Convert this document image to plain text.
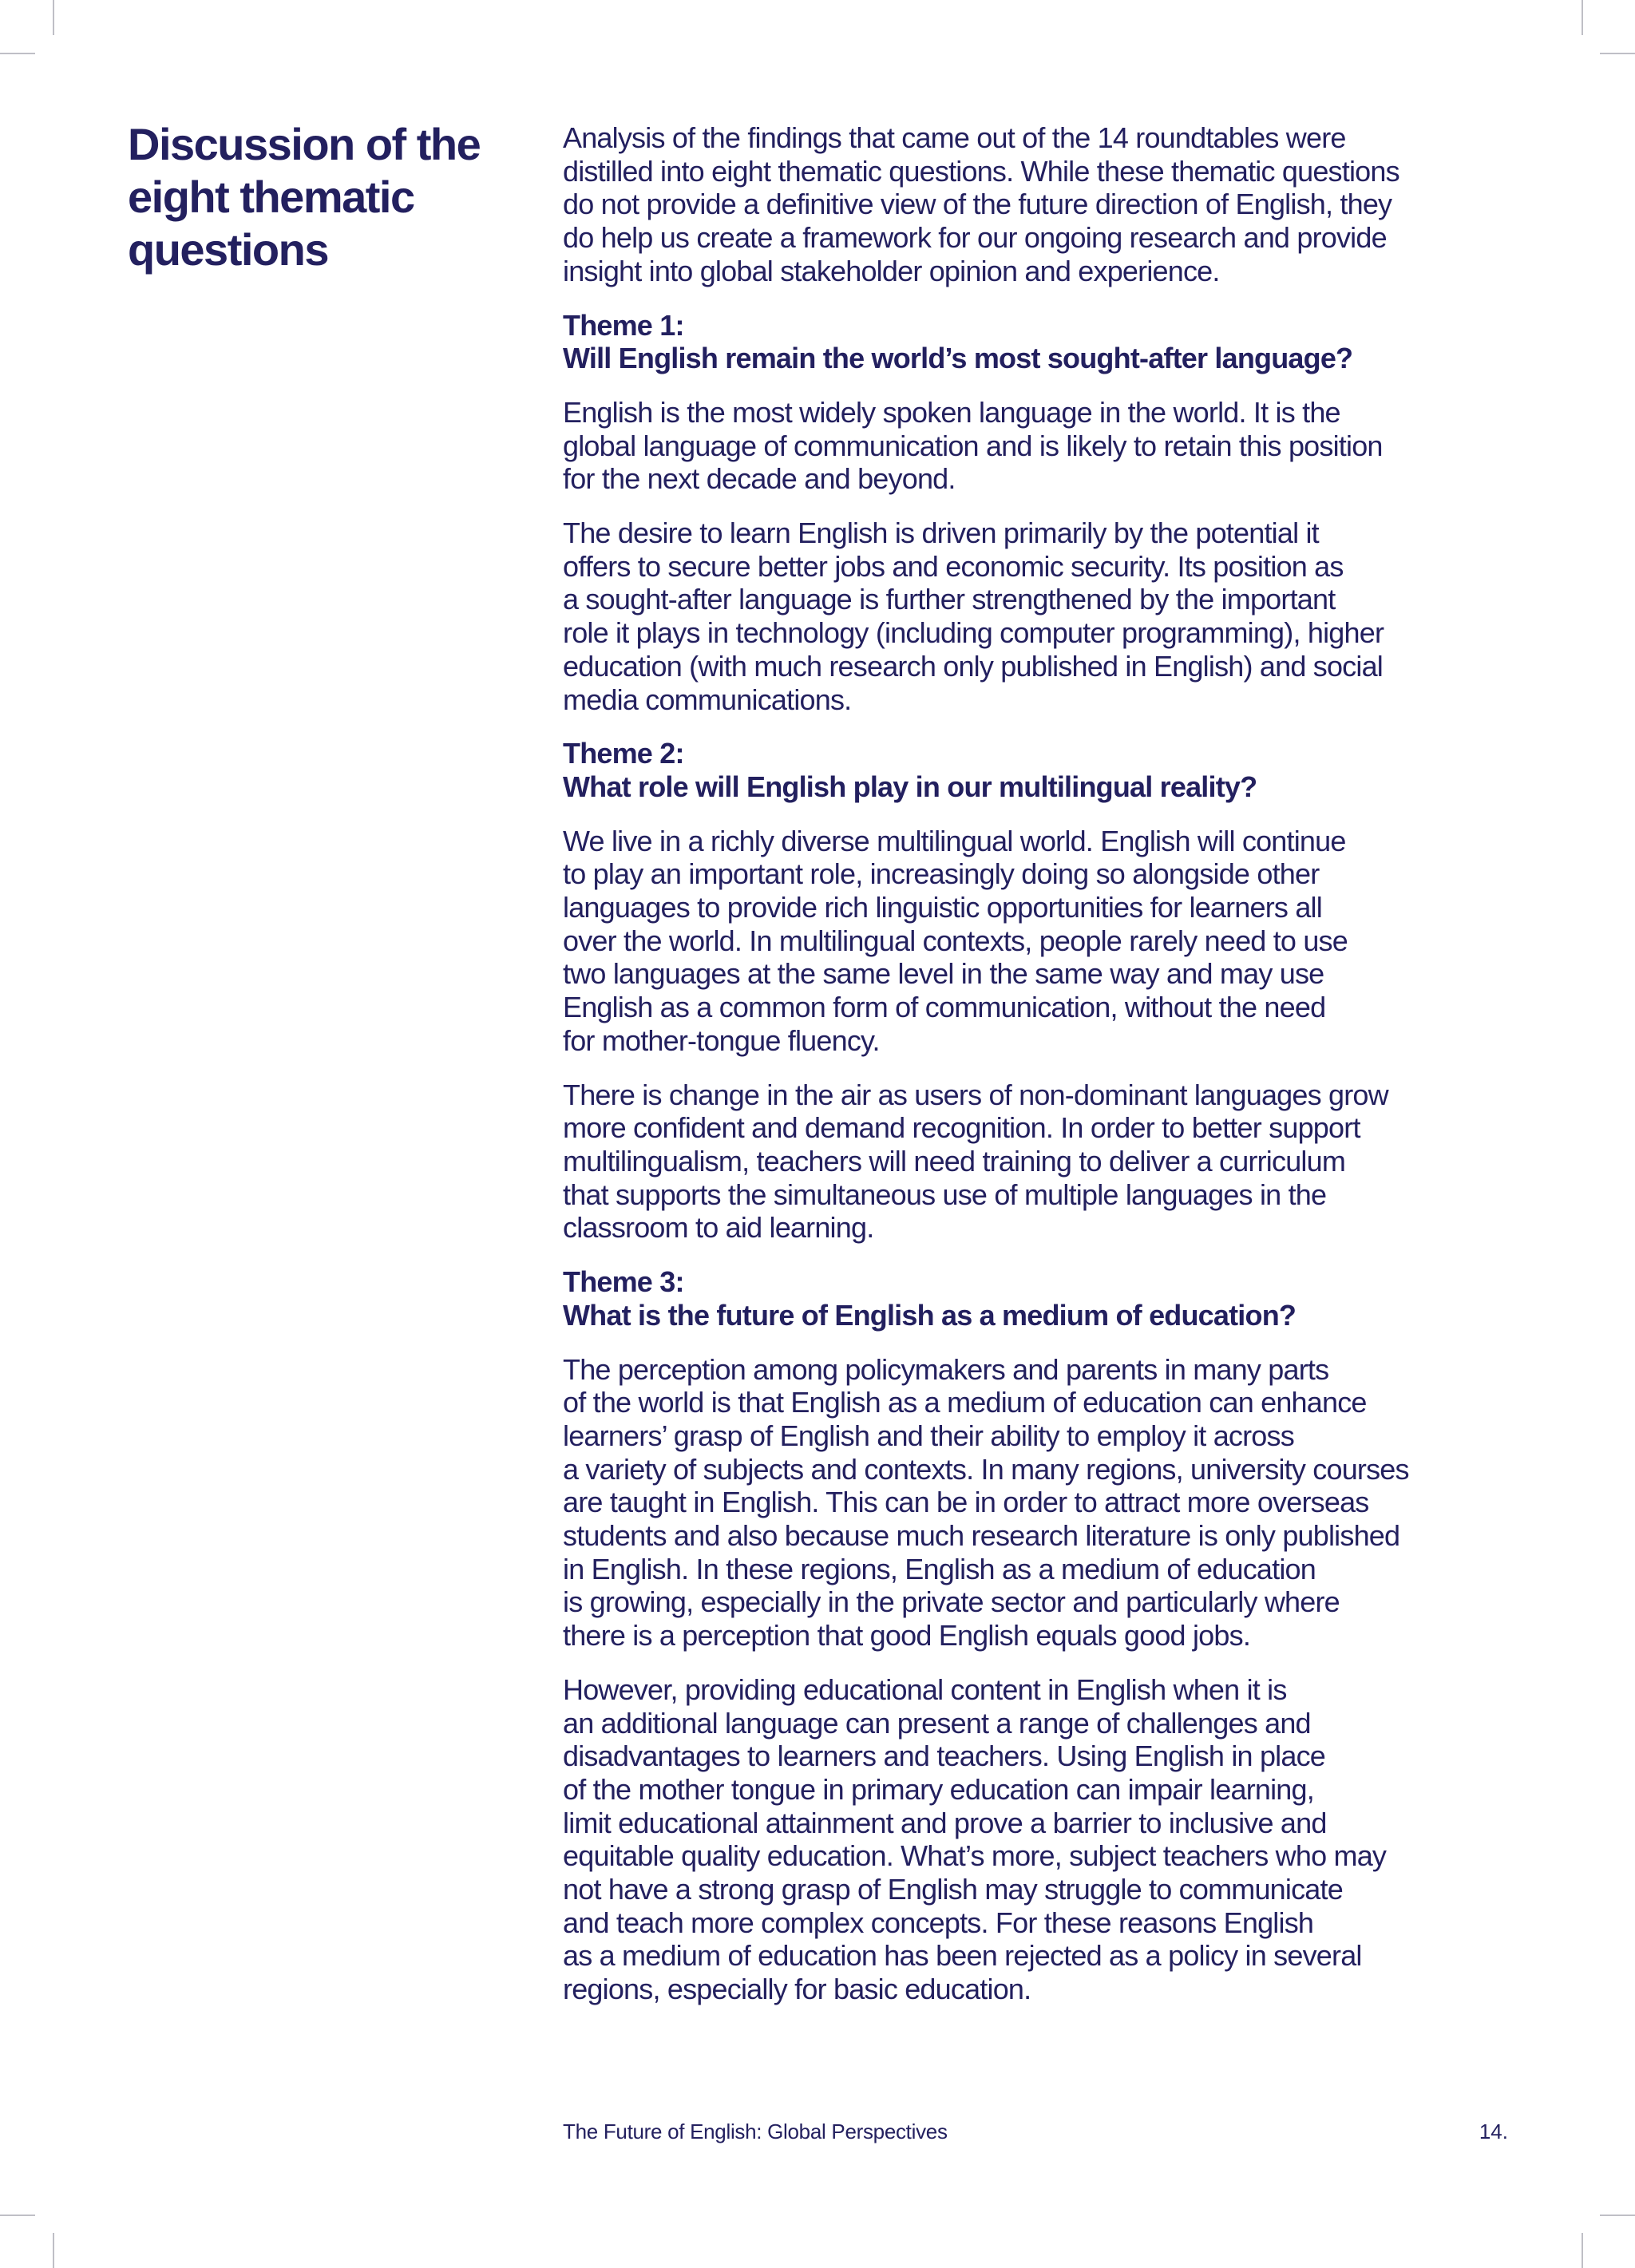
Discussion of the
eight thematic
questions

Analysis of the findings that came out of the 14 roundtables were
distilled into eight thematic questions. While these thematic questions
do not provide a definitive view of the future direction of English, they
do help us create a framework for our ongoing research and provide
insight into global stakeholder opinion and experience.

Theme 1:
Will English remain the world’s most sought-after language?

English is the most widely spoken language in the world. It is the
global language of communication and is likely to retain this position
for the next decade and beyond.

The desire to learn English is driven primarily by the potential it
offers to secure better jobs and economic security. Its position as
a sought-after language is further strengthened by the important
role it plays in technology (including computer programming), higher
education (with much research only published in English) and social
media communications.

Theme 2:
What role will English play in our multilingual reality?

We live in a richly diverse multilingual world. English will continue
to play an important role, increasingly doing so alongside other
languages to provide rich linguistic opportunities for learners all
over the world. In multilingual contexts, people rarely need to use
two languages at the same level in the same way and may use
English as a common form of communication, without the need
for mother-tongue fluency.

There is change in the air as users of non-dominant languages grow
more confident and demand recognition. In order to better support
multilingualism, teachers will need training to deliver a curriculum
that supports the simultaneous use of multiple languages in the
classroom to aid learning.

Theme 3:
What is the future of English as a medium of education?

The perception among policymakers and parents in many parts
of the world is that English as a medium of education can enhance
learners’ grasp of English and their ability to employ it across
a variety of subjects and contexts. In many regions, university courses
are taught in English. This can be in order to attract more overseas
students and also because much research literature is only published
in English. In these regions, English as a medium of education
is growing, especially in the private sector and particularly where
there is a perception that good English equals good jobs.

However, providing educational content in English when it is
an additional language can present a range of challenges and
disadvantages to learners and teachers. Using English in place
of the mother tongue in primary education can impair learning,
limit educational attainment and prove a barrier to inclusive and
equitable quality education. What’s more, subject teachers who may
not have a strong grasp of English may struggle to communicate
and teach more complex concepts. For these reasons English
as a medium of education has been rejected as a policy in several
regions, especially for basic education.

The Future of English: Global Perspectives	14.
